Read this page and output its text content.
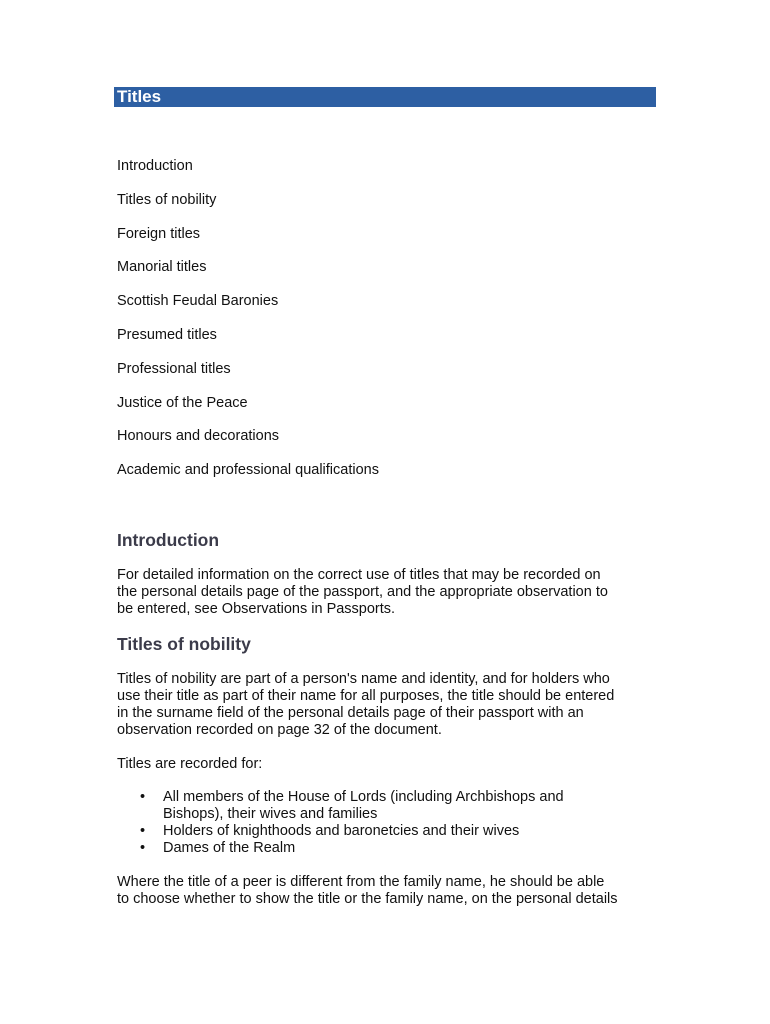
Titles
Introduction
Titles of nobility
Foreign titles
Manorial titles
Scottish Feudal Baronies
Presumed titles
Professional titles
Justice of the Peace
Honours and decorations
Academic and professional qualifications
Introduction

For detailed information on the correct use of titles that may be recorded on
the personal details page of the passport, and the appropriate observation to
be entered, see Observations in Passports.

Titles of nobility

Titles of nobility are part of a person's name and identity, and for holders who
use their title as part of their name for all purposes, the title should be entered
in the surname field of the personal details page of their passport with an
observation recorded on page 32 of the document.

Titles are recorded for:

• All members of the House of Lords (including Archbishops and
Bishops), their wives and families
• Holders of knighthoods and baronetcies and their wives
• Dames of the Realm

Where the title of a peer is different from the family name, he should be able
to choose whether to show the title or the family name, on the personal details
